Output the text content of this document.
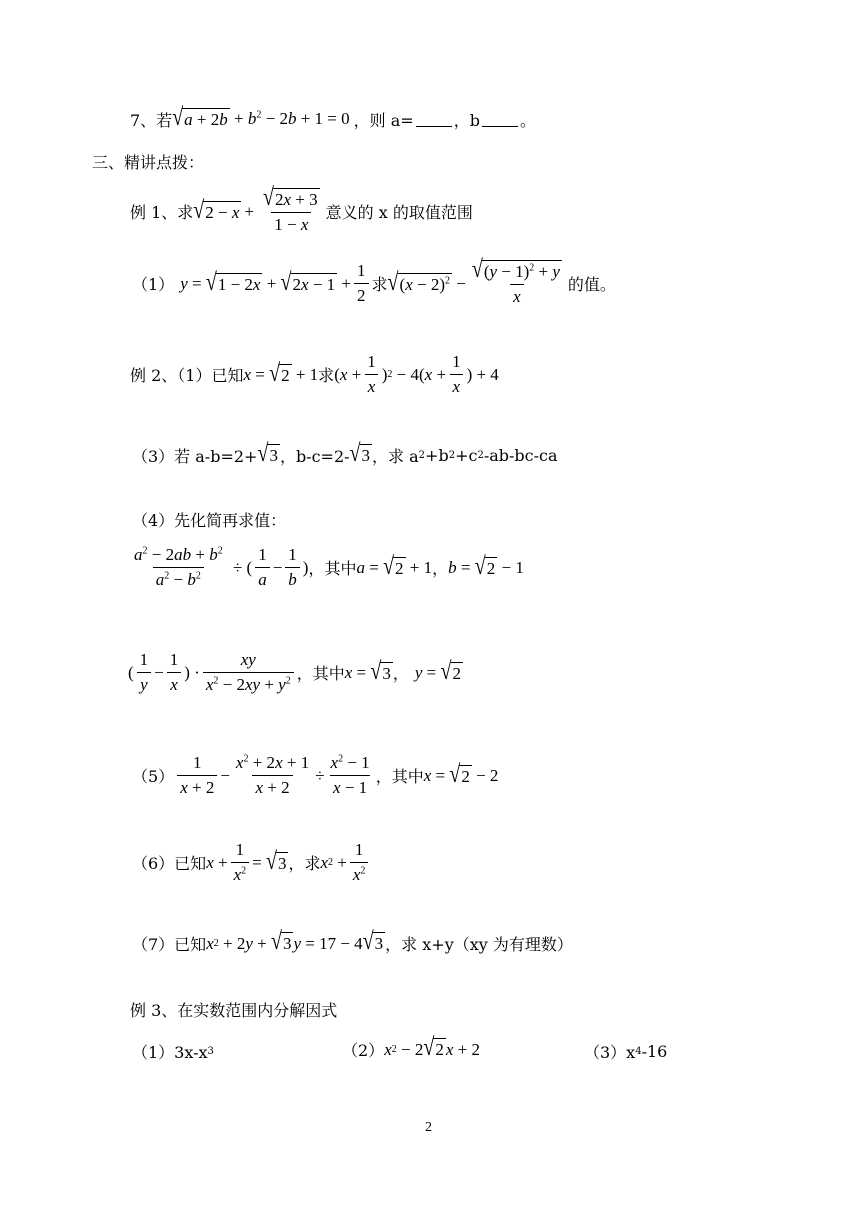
7、若 √ $a + 2b + b^2 - 2b + 1 = 0$ ，则 a=	，b	。
三、精讲点拨：
例 1、求 √ $2 - x + \frac{√ 2x + 3}{1 - x}$ 意义的 x 的取值范围
（1） y = √ 1 − 2x + √ $2x - 1 + \frac{1}{2}$ 求 √ $(x - 2)^2 - \frac{√ (y - 1)^2 + y}{x}$ 的值。
例 2、（1）已知 x = √ 2 + 1 求 ( $x + \frac{1}{x}$ ) 2 − 4( $x + \frac{1}{x}$ ) + 4
（3）若 a-b=2+ √ 3 ，b-c=2- √ 3 ，求 a 2 +b 2 +c 2 -ab-bc-ca
（4）先化简再求值：
$\frac{a^2 - 2ab + b^2}{a^2 - b^2}$ ÷ ( $\frac{1}{a} - \frac{1}{b}$ ) ，其中 a = √ 2 + 1 ， b = √ 2 − 1
( $\frac{1}{y} - \frac{1}{x}$ ) · $\frac{xy}{x^2 - 2xy + y^2}$ ，其中 x = √ 3 ， y = √ 2
$(5) \frac{1}{x + 2} - \frac{x^2 + 2x + 1}{x + 2} \div \frac{x^2 - 1}{x - 1}$ ，其中 x = √ 2 − 2
（6）已知 $x + \frac{1}{x^2}$ = √ 3 ，求 x $2 + \frac{1}{x^2}$
（7）已知 x 2 + 2 y + √ 3 y = 17 − 4 √ 3 ，求 x+y（xy 为有理数）
例 3、在实数范围内分解因式
（1）3x-x 3	（2） x 2 − 2 √ 2 x + 2	（3）x 4 -16
2
